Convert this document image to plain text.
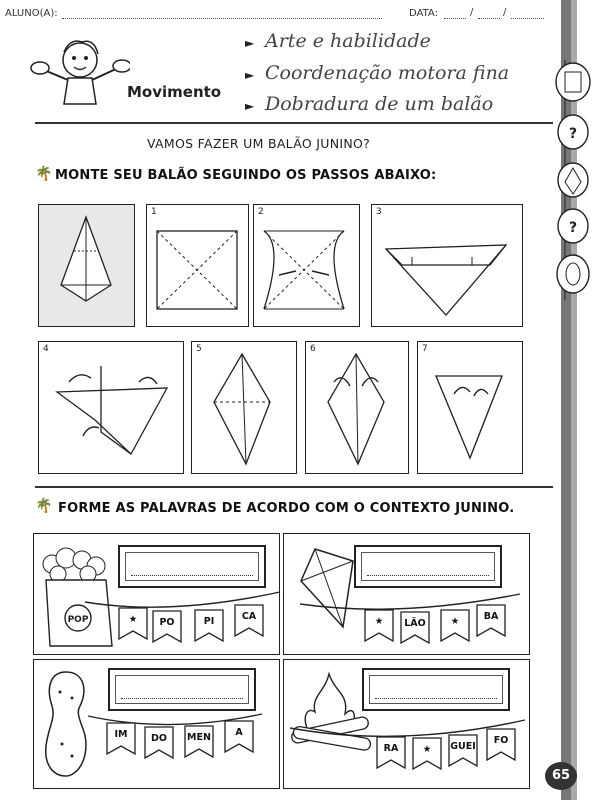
ALUNO(A):	DATA:	/	/
Movimento
► Arte e habilidade
► Coordenação motora fina
► Dobradura de um balão
VAMOS FAZER UM BALÃO JUNINO?
🌴 MONTE SEU BALÃO SEGUINDO OS PASSOS ABAIXO:
1	2	3
4	5	6	7
🌴 FORME AS PALAVRAS DE ACORDO COM O CONTEXTO JUNINO.
POP	★	PO	PI	CA	★	LÃO	★	BA
IM	DO	MEN	A
RA	★	GUEI
FO
?
?
65
